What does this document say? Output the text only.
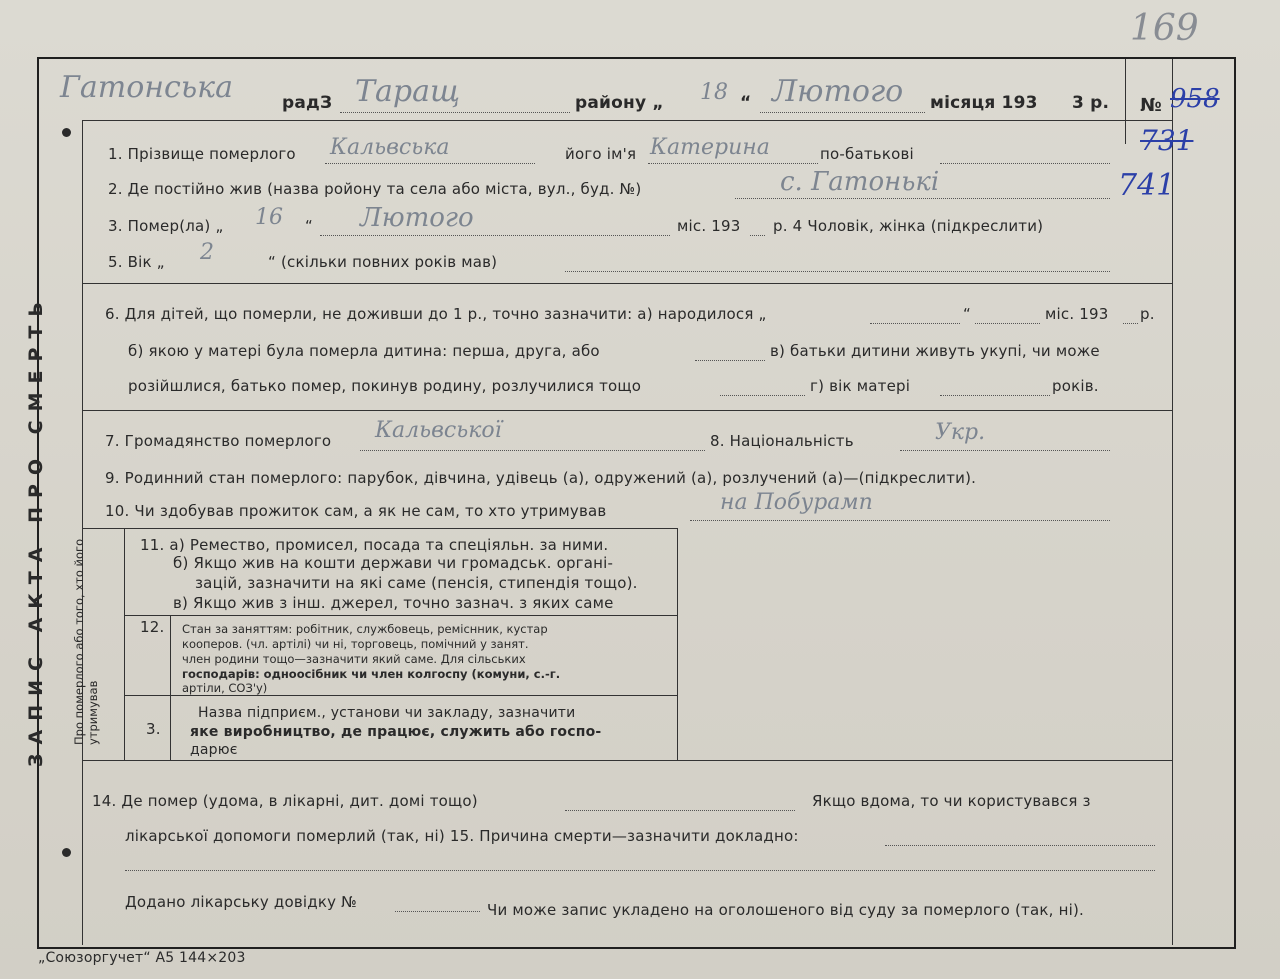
169
ЗАПИС АКТА ПРО СМЕРТЬ
Гатонська	радЗ Таращ	району „ 18 “ Лютого місяця 193 3 р. № 958
731
741
1. Прізвище померлого Кальвська	його ім'я Катерина	по-батькові
2. Де постійно жив (назва ройону та села або міста, вул., буд. №)	с. Гатонькі
3. Помер(ла) „ 16 “ Лютого	міс. 193 р. 4 Чоловік, жінка (підкреслити)
5. Вік „ 2	“ (скільки повних років мав)
6. Для дітей, що померли, не доживши до 1 р., точно зазначити: а) народилося „	“	міс. 193 р.
б) якою у матері була померла дитина: перша, друга, або	в) батьки дитини живуть укупі, чи може
розійшлися, батько помер, покинув родину, розлучилися тощо	г) вік матері	років.
7. Громадянство померлого Кальвської	8. Національність	Укр.
9. Родинний стан померлого: парубок, дівчина, удівець (а), одружений (а), розлучений (а)—(підкреслити).
10. Чи здобував прожиток сам, а як не сам, то хто утримував	на Побурамп
Про померлого або того, хто його утримував
11. а) Ремество, промисел, посада та спеціяльн. за ними.
б) Якщо жив на кошти держави чи громадськ. органі-
зацій, зазначити на які саме (пенсія, стипендія тощо).
в) Якщо жив з інш. джерел, точно зазнач. з яких саме
12. Стан за заняттям: робітник, службовець, реміснник, кустар
кооперов. (чл. артілі) чи ні, торговець, помічний у занят.
член родини тощо—зазначити який саме. Для сільських
господарів: одноосібник чи член колгоспу (комуни, с.-г.
артіли, СОЗ'у)
3.
Назва підприєм., установи чи закладу, зазначити
яке виробництво, де працює, служить або госпо-
дарює
14. Де помер (удома, в лікарні, дит. домі тощо)	Якщо вдома, то чи користувався з
лікарської допомоги померлий (так, ні) 15. Причина смерти—зазначити докладно:
Додано лікарську довідку №	Чи може запис укладено на оголошеного від суду за померлого (так, ні).
„Союзоргучет“ А5 144×203
